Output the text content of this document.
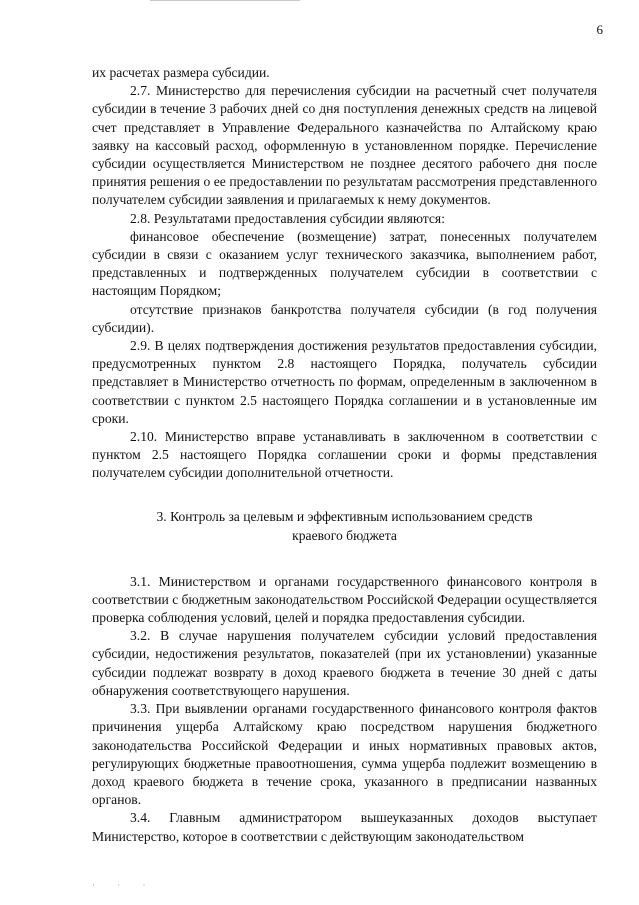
6

их расчетах размера субсидии.

2.7. Министерство для перечисления субсидии на расчетный счет получателя субсидии в течение 3 рабочих дней со дня поступления денежных средств на лицевой счет представляет в Управление Федерального казначейства по Алтайскому краю заявку на кассовый расход, оформленную в установленном порядке. Перечисление субсидии осуществляется Министерством не позднее десятого рабочего дня после принятия решения о ее предоставлении по результатам рассмотрения представленного получателем субсидии заявления и прилагаемых к нему документов.

2.8. Результатами предоставления субсидии являются:

финансовое обеспечение (возмещение) затрат, понесенных получателем субсидии в связи с оказанием услуг технического заказчика, выполнением работ, представленных и подтвержденных получателем субсидии в соответствии с настоящим Порядком;

отсутствие признаков банкротства получателя субсидии (в год получения субсидии).

2.9. В целях подтверждения достижения результатов предоставления субсидии, предусмотренных пунктом 2.8 настоящего Порядка, получатель субсидии представляет в Министерство отчетность по формам, определенным в заключенном в соответствии с пунктом 2.5 настоящего Порядка соглашении и в установленные им сроки.

2.10. Министерство вправе устанавливать в заключенном в соответствии с пунктом 2.5 настоящего Порядка соглашении сроки и формы представления получателем субсидии дополнительной отчетности.

3. Контроль за целевым и эффективным использованием средств
краевого бюджета

3.1. Министерством и органами государственного финансового контроля в соответствии с бюджетным законодательством Российской Федерации осуществляется проверка соблюдения условий, целей и порядка предоставления субсидии.

3.2. В случае нарушения получателем субсидии условий предоставления субсидии, недостижения результатов, показателей (при их установлении) указанные субсидии подлежат возврату в доход краевого бюджета в течение 30 дней с даты обнаружения соответствующего нарушения.

3.3. При выявлении органами государственного финансового контроля фактов причинения ущерба Алтайскому краю посредством нарушения бюджетного законодательства Российской Федерации и иных нормативных правовых актов, регулирующих бюджетные правоотношения, сумма ущерба подлежит возмещению в доход краевого бюджета в течение срока, указанного в предписании названных органов.

3.4. Главным администратором вышеуказанных доходов выступает Министерство, которое в соответствии с действующим законодательством

· · ·
